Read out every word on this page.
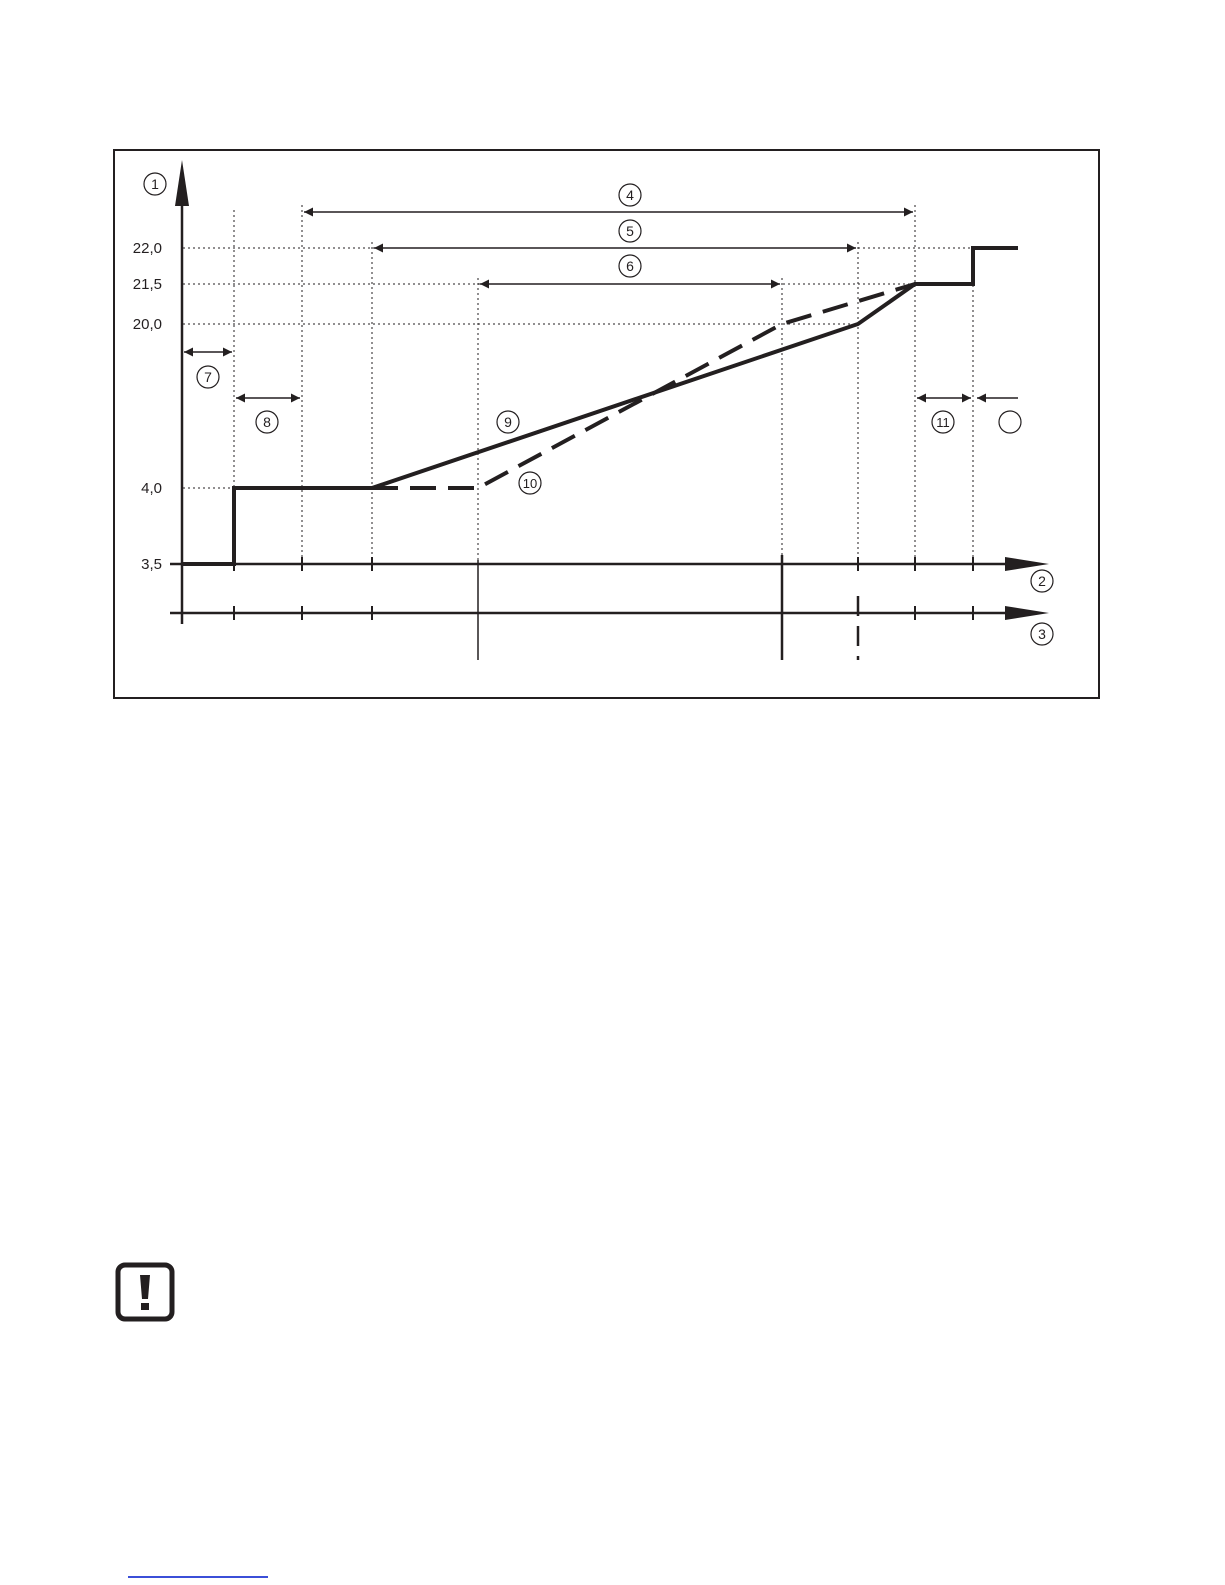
22,0
21,5
20,0
4,0
3,5
1
2
3
4
5
6
7
8	9
10
11
